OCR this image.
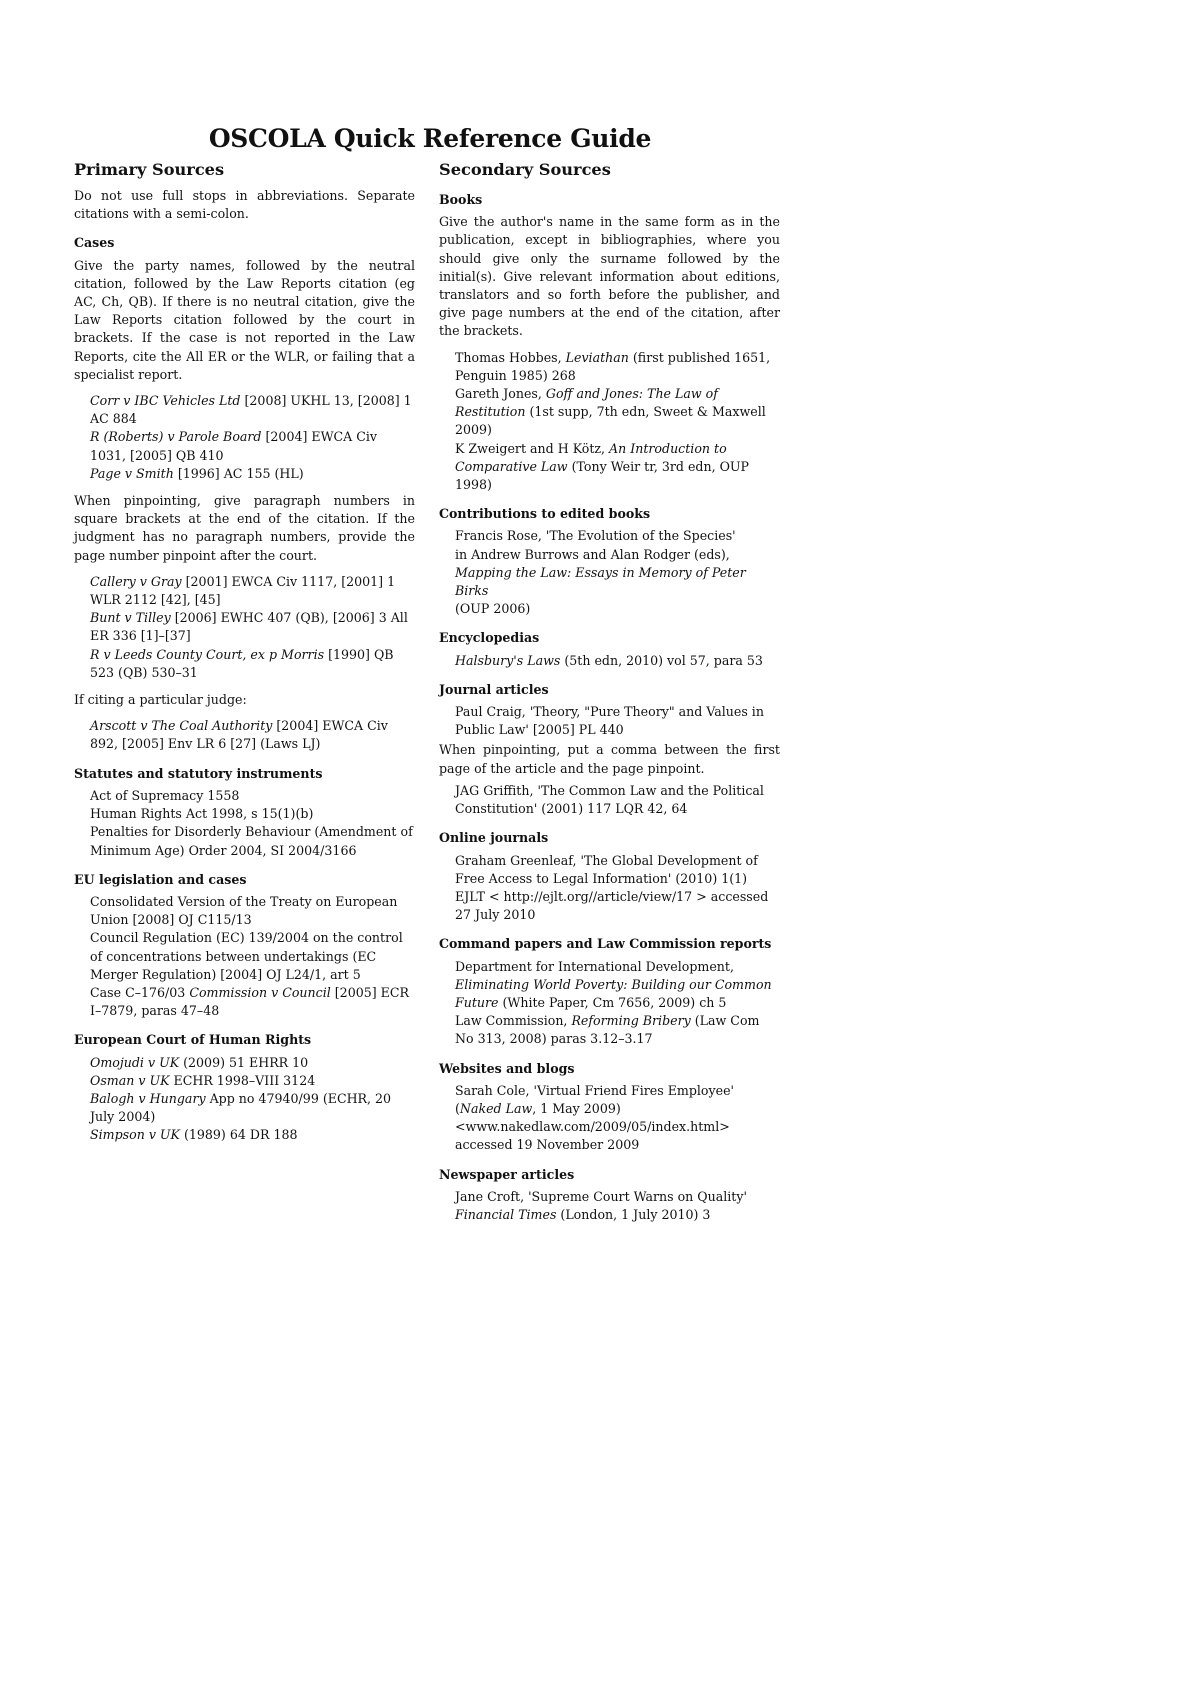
OSCOLA Quick Reference Guide
Primary Sources

Do not use full stops in abbreviations. Separate citations with a semi-colon.

Cases

Give the party names, followed by the neutral citation, followed by the Law Reports citation (eg AC, Ch, QB). If there is no neutral citation, give the Law Reports citation followed by the court in brackets. If the case is not reported in the Law Reports, cite the All ER or the WLR, or failing that a specialist report.

Corr v IBC Vehicles Ltd [2008] UKHL 13, [2008] 1 AC 884
R (Roberts) v Parole Board [2004] EWCA Civ 1031, [2005] QB 410
Page v Smith [1996] AC 155 (HL)

When pinpointing, give paragraph numbers in square brackets at the end of the citation. If the judgment has no paragraph numbers, provide the page number pinpoint after the court.

Callery v Gray [2001] EWCA Civ 1117, [2001] 1 WLR 2112 [42], [45]
Bunt v Tilley [2006] EWHC 407 (QB), [2006] 3 All ER 336 [1]–[37]
R v Leeds County Court, ex p Morris [1990] QB 523 (QB) 530–31

If citing a particular judge:

Arscott v The Coal Authority [2004] EWCA Civ 892, [2005] Env LR 6 [27] (Laws LJ)
Statutes and statutory instruments
Act of Supremacy 1558
Human Rights Act 1998, s 15(1)(b)
Penalties for Disorderly Behaviour (Amendment of Minimum Age) Order 2004, SI 2004/3166
EU legislation and cases
Consolidated Version of the Treaty on European Union [2008] OJ C115/13
Council Regulation (EC) 139/2004 on the control of concentrations between undertakings (EC Merger Regulation) [2004] OJ L24/1, art 5
Case C–176/03 Commission v Council [2005] ECR I–7879, paras 47–48
European Court of Human Rights
Omojudi v UK (2009) 51 EHRR 10
Osman v UK ECHR 1998–VIII 3124
Balogh v Hungary App no 47940/99 (ECHR, 20 July 2004)
Simpson v UK (1989) 64 DR 188
Secondary Sources
Books

Give the author's name in the same form as in the publication, except in bibliographies, where you should give only the surname followed by the initial(s). Give relevant information about editions, translators and so forth before the publisher, and give page numbers at the end of the citation, after the brackets.

Thomas Hobbes, Leviathan (first published 1651, Penguin 1985) 268
Gareth Jones, Goff and Jones: The Law of Restitution (1st supp, 7th edn, Sweet & Maxwell 2009)
K Zweigert and H Kötz, An Introduction to Comparative Law (Tony Weir tr, 3rd edn, OUP 1998)
Contributions to edited books
Francis Rose, 'The Evolution of the Species'
in Andrew Burrows and Alan Rodger (eds),
Mapping the Law: Essays in Memory of Peter Birks
(OUP 2006)
Encyclopedias
Halsbury's Laws (5th edn, 2010) vol 57, para 53
Journal articles
Paul Craig, 'Theory, "Pure Theory" and Values in Public Law' [2005] PL 440

When pinpointing, put a comma between the first page of the article and the page pinpoint.

JAG Griffith, 'The Common Law and the Political Constitution' (2001) 117 LQR 42, 64
Online journals
Graham Greenleaf, 'The Global Development of Free Access to Legal Information' (2010) 1(1) EJLT < http://ejlt.org//article/view/17 > accessed 27 July 2010
Command papers and Law Commission reports
Department for International Development, Eliminating World Poverty: Building our Common Future (White Paper, Cm 7656, 2009) ch 5
Law Commission, Reforming Bribery (Law Com No 313, 2008) paras 3.12–3.17
Websites and blogs
Sarah Cole, 'Virtual Friend Fires Employee' (Naked Law, 1 May 2009) <www.nakedlaw.com/2009/05/index.html> accessed 19 November 2009
Newspaper articles
Jane Croft, 'Supreme Court Warns on Quality' Financial Times (London, 1 July 2010) 3
